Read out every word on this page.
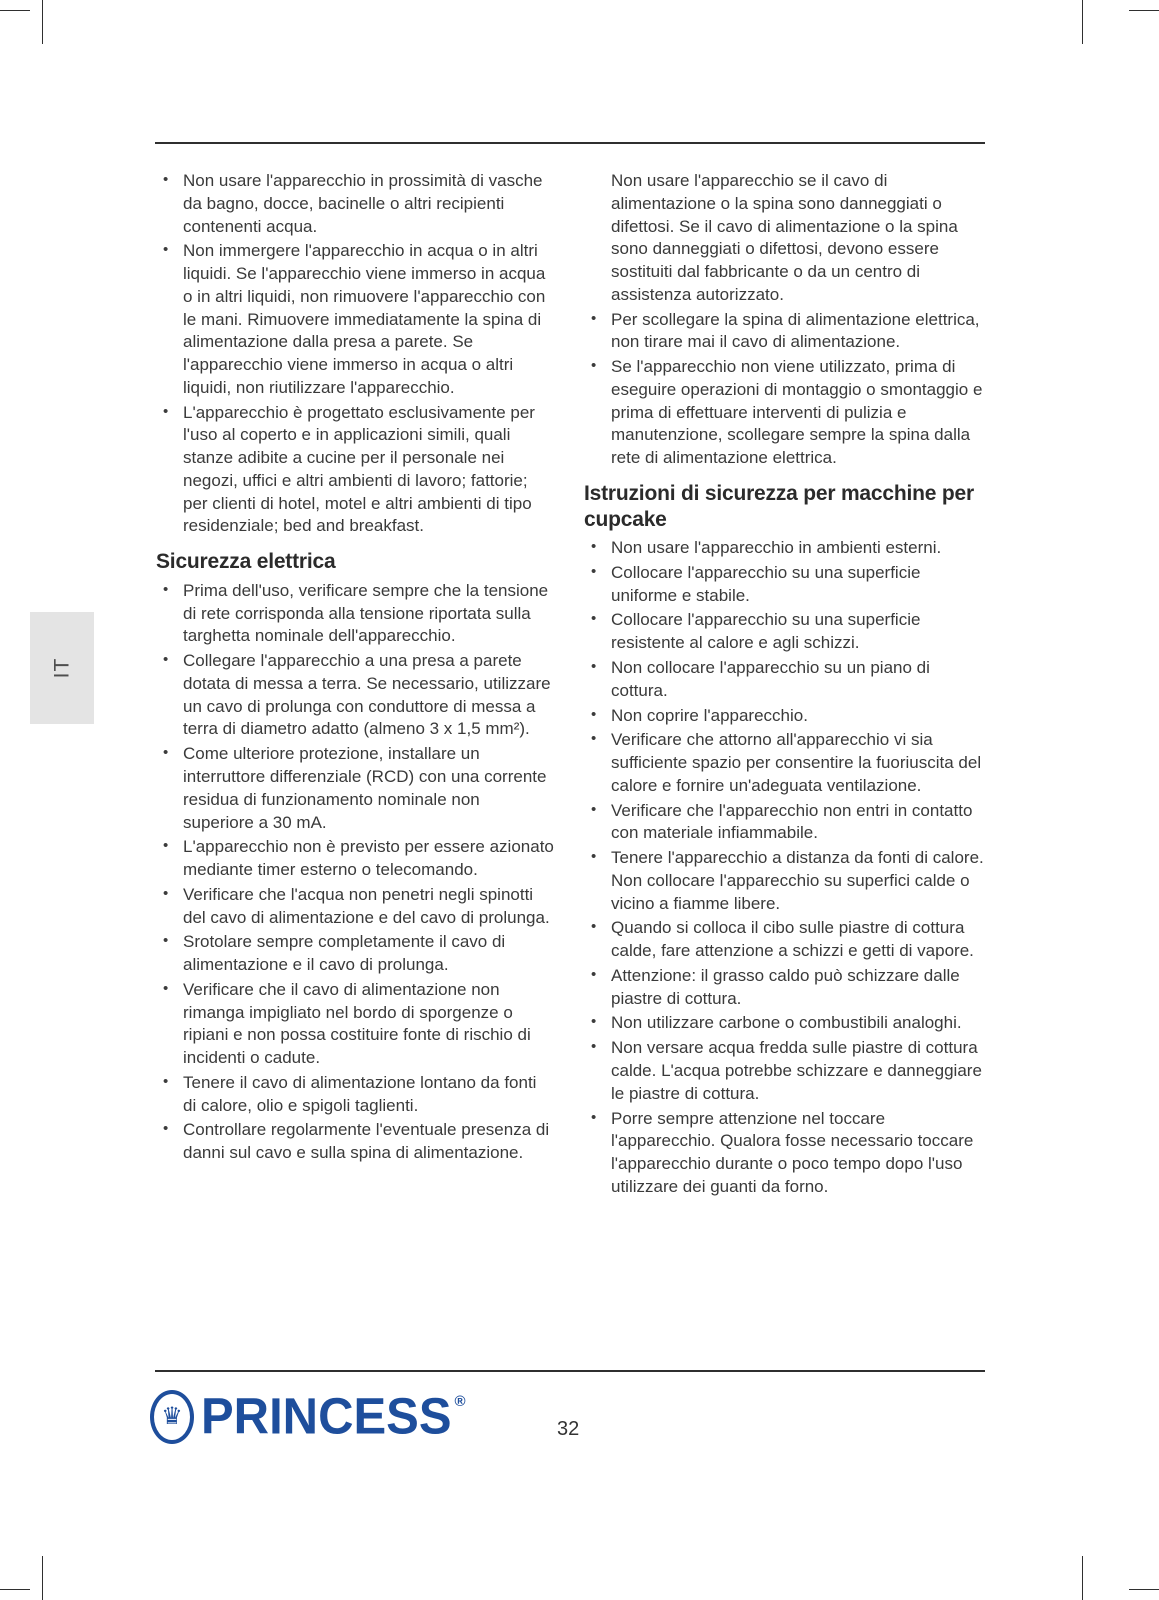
IT
• Non usare l'apparecchio in prossimità di vasche da bagno, docce, bacinelle o altri recipienti contenenti acqua.
• Non immergere l'apparecchio in acqua o in altri liquidi. Se l'apparecchio viene immerso in acqua o in altri liquidi, non rimuovere l'apparecchio con le mani. Rimuovere immediatamente la spina di alimentazione dalla presa a parete. Se l'apparecchio viene immerso in acqua o altri liquidi, non riutilizzare l'apparecchio.
• L'apparecchio è progettato esclusivamente per l'uso al coperto e in applicazioni simili, quali stanze adibite a cucine per il personale nei negozi, uffici e altri ambienti di lavoro; fattorie; per clienti di hotel, motel e altri ambienti di tipo residenziale; bed and breakfast.
Sicurezza elettrica
• Prima dell'uso, verificare sempre che la tensione di rete corrisponda alla tensione riportata sulla targhetta nominale dell'apparecchio.
• Collegare l'apparecchio a una presa a parete dotata di messa a terra. Se necessario, utilizzare un cavo di prolunga con conduttore di messa a terra di diametro adatto (almeno 3 x 1,5 mm²).
• Come ulteriore protezione, installare un interruttore differenziale (RCD) con una corrente residua di funzionamento nominale non superiore a 30 mA.
• L'apparecchio non è previsto per essere azionato mediante timer esterno o telecomando.
• Verificare che l'acqua non penetri negli spinotti del cavo di alimentazione e del cavo di prolunga.
• Srotolare sempre completamente il cavo di alimentazione e il cavo di prolunga.
• Verificare che il cavo di alimentazione non rimanga impigliato nel bordo di sporgenze o ripiani e non possa costituire fonte di rischio di incidenti o cadute.
• Tenere il cavo di alimentazione lontano da fonti di calore, olio e spigoli taglienti.
• Controllare regolarmente l'eventuale presenza di danni sul cavo e sulla spina di alimentazione.

Non usare l'apparecchio se il cavo di alimentazione o la spina sono danneggiati o difettosi. Se il cavo di alimentazione o la spina sono danneggiati o difettosi, devono essere sostituiti dal fabbricante o da un centro di assistenza autorizzato.

• Per scollegare la spina di alimentazione elettrica, non tirare mai il cavo di alimentazione.
• Se l'apparecchio non viene utilizzato, prima di eseguire operazioni di montaggio o smontaggio e prima di effettuare interventi di pulizia e manutenzione, scollegare sempre la spina dalla rete di alimentazione elettrica.
Istruzioni di sicurezza per macchine per cupcake
• Non usare l'apparecchio in ambienti esterni.
• Collocare l'apparecchio su una superficie uniforme e stabile.
• Collocare l'apparecchio su una superficie resistente al calore e agli schizzi.
• Non collocare l'apparecchio su un piano di cottura.
• Non coprire l'apparecchio.
• Verificare che attorno all'apparecchio vi sia sufficiente spazio per consentire la fuoriuscita del calore e fornire un'adeguata ventilazione.
• Verificare che l'apparecchio non entri in contatto con materiale infiammabile.
• Tenere l'apparecchio a distanza da fonti di calore. Non collocare l'apparecchio su superfici calde o vicino a fiamme libere.
• Quando si colloca il cibo sulle piastre di cottura calde, fare attenzione a schizzi e getti di vapore.
• Attenzione: il grasso caldo può schizzare dalle piastre di cottura.
• Non utilizzare carbone o combustibili analoghi.
• Non versare acqua fredda sulle piastre di cottura calde. L'acqua potrebbe schizzare e danneggiare le piastre di cottura.
• Porre sempre attenzione nel toccare l'apparecchio. Qualora fosse necessario toccare l'apparecchio durante o poco tempo dopo l'uso utilizzare dei guanti da forno.
♛ PRINCESS ®
32
